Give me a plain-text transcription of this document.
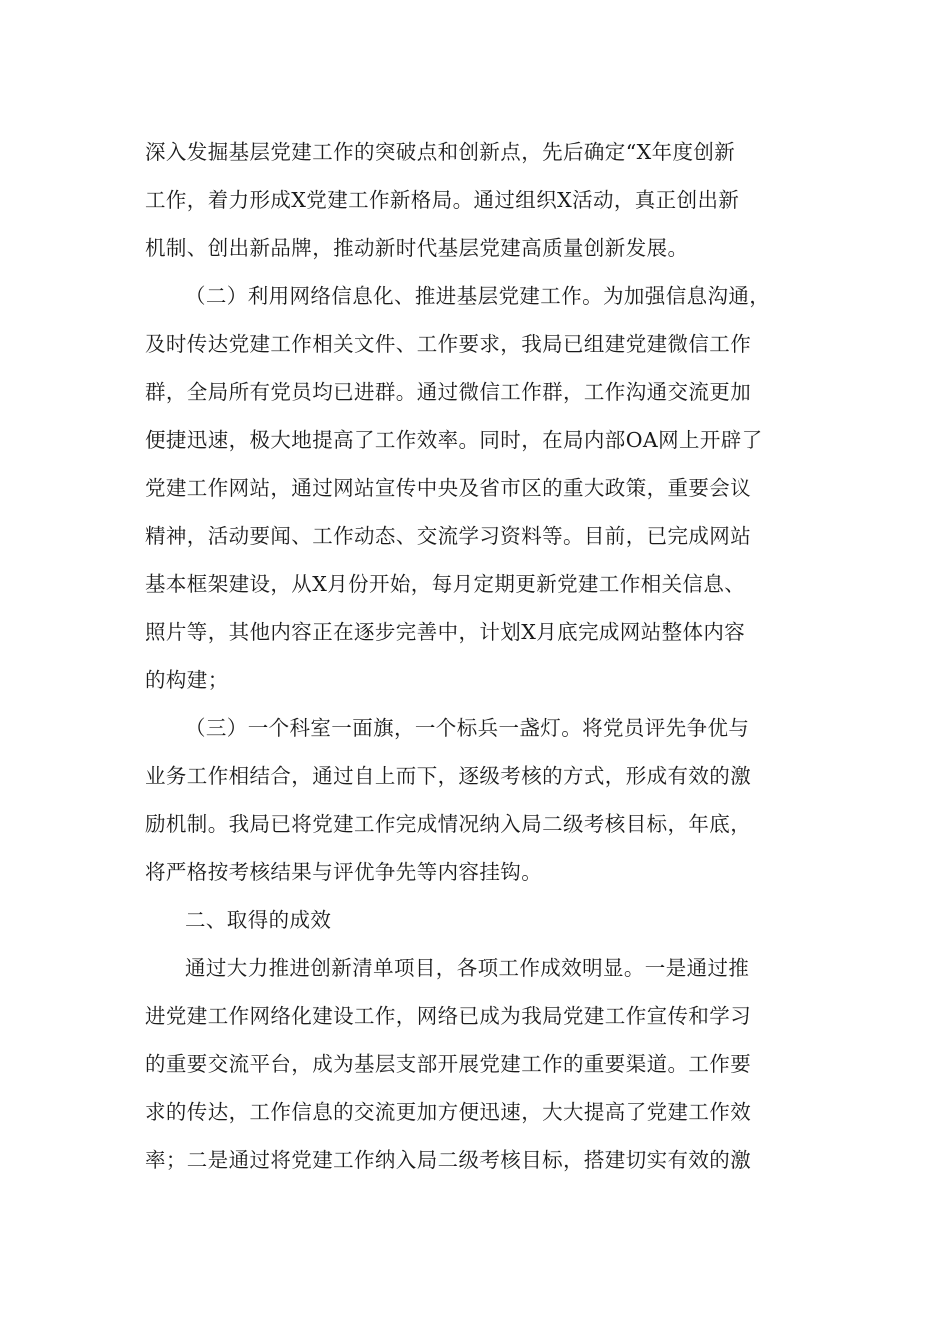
深入发掘基层党建工作的突破点和创新点，先后确定“X年度创新
工作，着力形成X党建工作新格局。通过组织X活动，真正创出新
机制、创出新品牌，推动新时代基层党建高质量创新发展。
（二）利用网络信息化、推进基层党建工作。为加强信息沟通，
及时传达党建工作相关文件、工作要求，我局已组建党建微信工作
群，全局所有党员均已进群。通过微信工作群，工作沟通交流更加
便捷迅速，极大地提高了工作效率。同时，在局内部OA网上开辟了
党建工作网站，通过网站宣传中央及省市区的重大政策，重要会议
精神，活动要闻、工作动态、交流学习资料等。目前，已完成网站
基本框架建设，从X月份开始，每月定期更新党建工作相关信息、
照片等，其他内容正在逐步完善中，计划X月底完成网站整体内容
的构建；
（三）一个科室一面旗，一个标兵一盏灯。将党员评先争优与
业务工作相结合，通过自上而下，逐级考核的方式，形成有效的激
励机制。我局已将党建工作完成情况纳入局二级考核目标，年底，
将严格按考核结果与评优争先等内容挂钩。
二、取得的成效
通过大力推进创新清单项目，各项工作成效明显。一是通过推
进党建工作网络化建设工作，网络已成为我局党建工作宣传和学习
的重要交流平台，成为基层支部开展党建工作的重要渠道。工作要
求的传达，工作信息的交流更加方便迅速，大大提高了党建工作效
率；二是通过将党建工作纳入局二级考核目标，搭建切实有效的激
